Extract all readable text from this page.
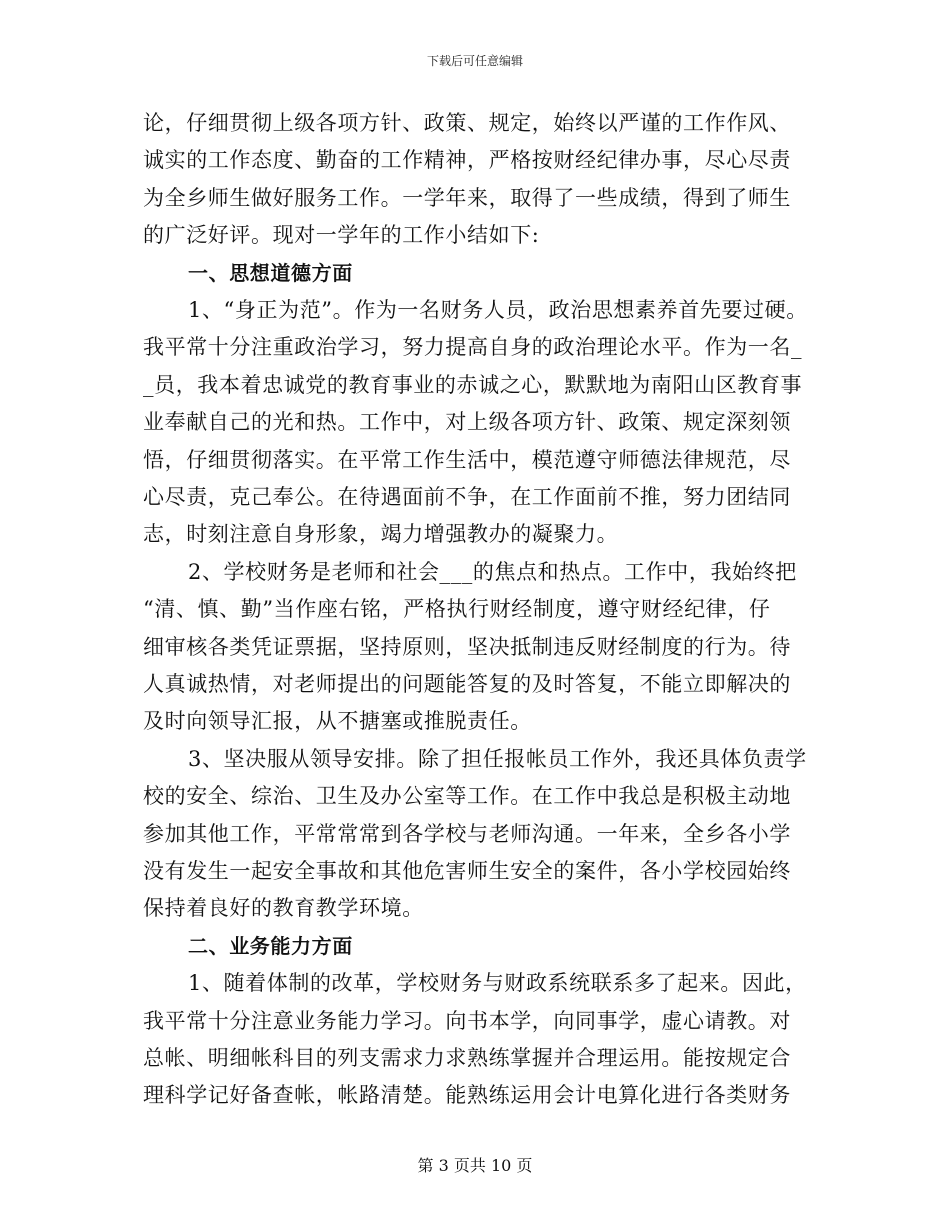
下载后可任意编辑
论，仔细贯彻上级各项方针、政策、规定，始终以严谨的工作作风、
诚实的工作态度、勤奋的工作精神，严格按财经纪律办事，尽心尽责
为全乡师生做好服务工作。一学年来，取得了一些成绩，得到了师生
的广泛好评。现对一学年的工作小结如下:
一、思想道德方面
1、“身正为范”。作为一名财务人员，政治思想素养首先要过硬。
我平常十分注重政治学习，努力提高自身的政治理论水平。作为一名_
_员，我本着忠诚党的教育事业的赤诚之心，默默地为南阳山区教育事
业奉献自己的光和热。工作中，对上级各项方针、政策、规定深刻领
悟，仔细贯彻落实。在平常工作生活中，模范遵守师德法律规范，尽
心尽责，克己奉公。在待遇面前不争，在工作面前不推，努力团结同
志，时刻注意自身形象，竭力增强教办的凝聚力。
2、学校财务是老师和社会___的焦点和热点。工作中，我始终把
“清、慎、勤”当作座右铭，严格执行财经制度，遵守财经纪律，仔
细审核各类凭证票据，坚持原则，坚决抵制违反财经制度的行为。待
人真诚热情，对老师提出的问题能答复的及时答复，不能立即解决的
及时向领导汇报，从不搪塞或推脱责任。
3、坚决服从领导安排。除了担任报帐员工作外，我还具体负责学
校的安全、综治、卫生及办公室等工作。在工作中我总是积极主动地
参加其他工作，平常常常到各学校与老师沟通。一年来，全乡各小学
没有发生一起安全事故和其他危害师生安全的案件，各小学校园始终
保持着良好的教育教学环境。
二、业务能力方面
1、随着体制的改革，学校财务与财政系统联系多了起来。因此，
我平常十分注意业务能力学习。向书本学，向同事学，虚心请教。对
总帐、明细帐科目的列支需求力求熟练掌握并合理运用。能按规定合
理科学记好备查帐，帐路清楚。能熟练运用会计电算化进行各类财务
第 3 页共 10 页
